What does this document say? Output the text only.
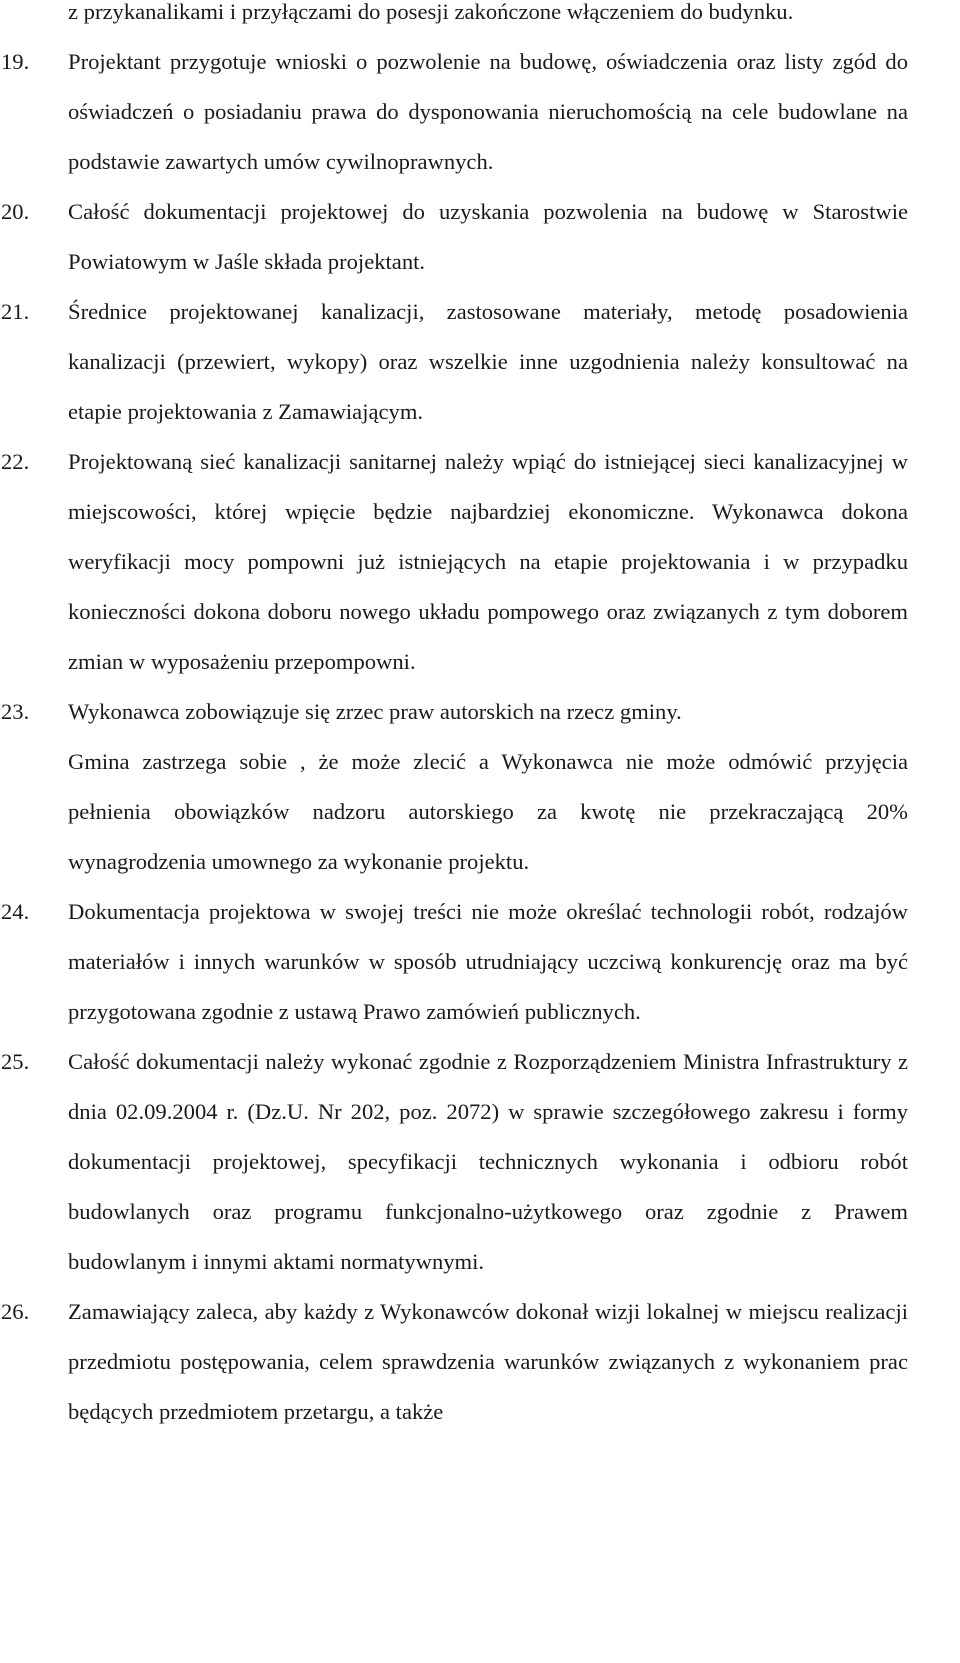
z przykanalikami i przyłączami do posesji zakończone włączeniem do budynku.

19.	Projektant przygotuje wnioski o pozwolenie na budowę, oświadczenia oraz listy zgód do oświadczeń o posiadaniu prawa do dysponowania nieruchomością na cele budowlane na podstawie zawartych umów cywilnoprawnych.

20.	Całość dokumentacji projektowej do uzyskania pozwolenia na budowę w Starostwie Powiatowym w Jaśle składa projektant.

21.	Średnice projektowanej kanalizacji, zastosowane materiały, metodę posadowienia kanalizacji (przewiert, wykopy) oraz wszelkie inne uzgodnienia należy konsultować na etapie projektowania z Zamawiającym.

22.	Projektowaną sieć kanalizacji sanitarnej należy wpiąć do istniejącej sieci kanalizacyjnej w miejscowości, której wpięcie będzie najbardziej ekonomiczne. Wykonawca dokona weryfikacji mocy pompowni już istniejących na etapie projektowania i w przypadku konieczności dokona doboru nowego układu pompowego oraz związanych z tym doborem zmian w wyposażeniu przepompowni.

23.	Wykonawca zobowiązuje się zrzec praw autorskich na rzecz gminy.

Gmina zastrzega sobie , że może zlecić a Wykonawca nie może odmówić przyjęcia pełnienia obowiązków nadzoru autorskiego za kwotę nie przekraczającą 20% wynagrodzenia umownego za wykonanie projektu.

24.	Dokumentacja projektowa w swojej treści nie może określać technologii robót, rodzajów materiałów i innych warunków w sposób utrudniający uczciwą konkurencję oraz ma być przygotowana zgodnie z ustawą Prawo zamówień publicznych.

25.	Całość dokumentacji należy wykonać zgodnie z Rozporządzeniem Ministra Infrastruktury z dnia 02.09.2004 r. (Dz.U. Nr 202, poz. 2072) w sprawie szczegółowego zakresu i formy dokumentacji projektowej, specyfikacji technicznych wykonania i odbioru robót budowlanych oraz programu funkcjonalno-użytkowego oraz zgodnie z Prawem budowlanym i innymi aktami normatywnymi.

26.	Zamawiający zaleca, aby każdy z Wykonawców dokonał wizji lokalnej w miejscu realizacji przedmiotu postępowania, celem sprawdzenia warunków związanych z wykonaniem prac będących przedmiotem przetargu, a także
